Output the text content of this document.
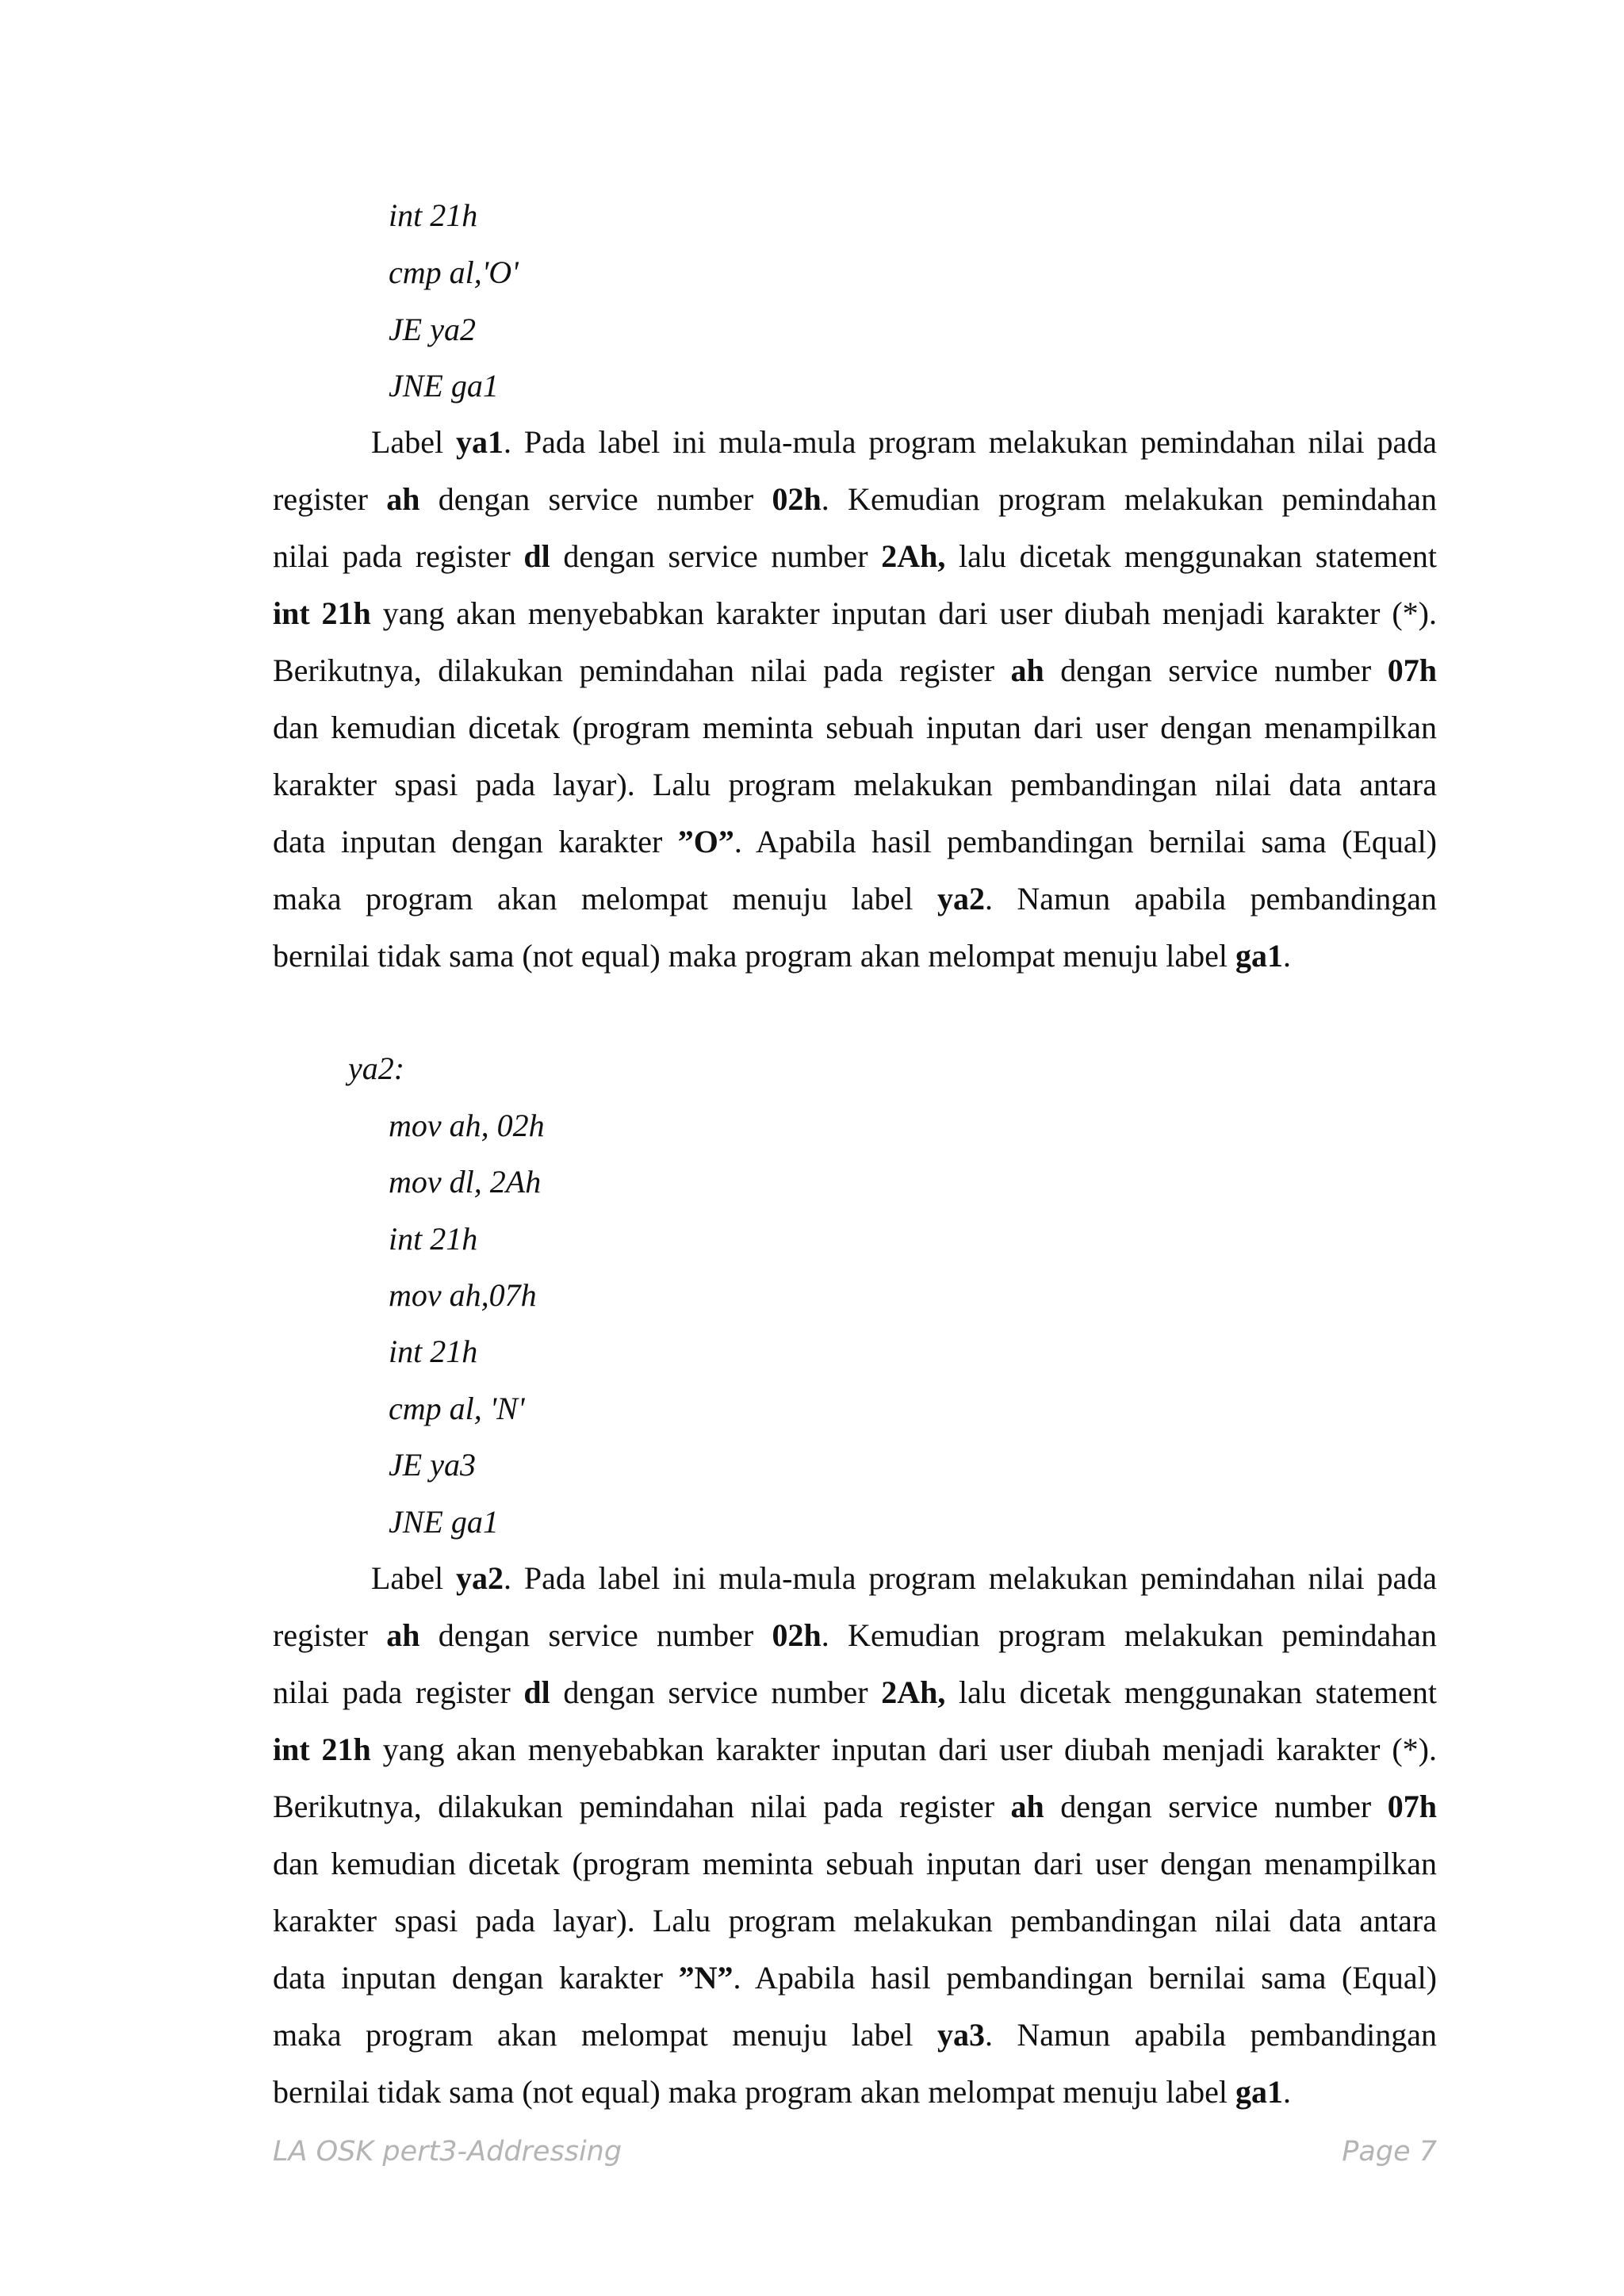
int 21h
cmp al,'O'
JE ya2
JNE ga1
Label ya1. Pada label ini mula-mula program melakukan pemindahan nilai pada
register ah dengan service number 02h. Kemudian program melakukan pemindahan
nilai pada register dl dengan service number 2Ah, lalu dicetak menggunakan statement
int 21h yang akan menyebabkan karakter inputan dari user diubah menjadi karakter (*).
Berikutnya, dilakukan pemindahan nilai pada register ah dengan service number 07h
dan kemudian dicetak (program meminta sebuah inputan dari user dengan menampilkan
karakter spasi pada layar). Lalu program melakukan pembandingan nilai data antara
data inputan dengan karakter ”O”. Apabila hasil pembandingan bernilai sama (Equal)
maka program akan melompat menuju label ya2. Namun apabila pembandingan
bernilai tidak sama (not equal) maka program akan melompat menuju label ga1.
ya2:
mov ah, 02h
mov dl, 2Ah
int 21h
mov ah,07h
int 21h
cmp al, 'N'
JE ya3
JNE ga1
Label ya2. Pada label ini mula-mula program melakukan pemindahan nilai pada
register ah dengan service number 02h. Kemudian program melakukan pemindahan
nilai pada register dl dengan service number 2Ah, lalu dicetak menggunakan statement
int 21h yang akan menyebabkan karakter inputan dari user diubah menjadi karakter (*).
Berikutnya, dilakukan pemindahan nilai pada register ah dengan service number 07h
dan kemudian dicetak (program meminta sebuah inputan dari user dengan menampilkan
karakter spasi pada layar). Lalu program melakukan pembandingan nilai data antara
data inputan dengan karakter ”N”. Apabila hasil pembandingan bernilai sama (Equal)
maka program akan melompat menuju label ya3. Namun apabila pembandingan
bernilai tidak sama (not equal) maka program akan melompat menuju label ga1.
LA OSK pert3-Addressing	Page 7
